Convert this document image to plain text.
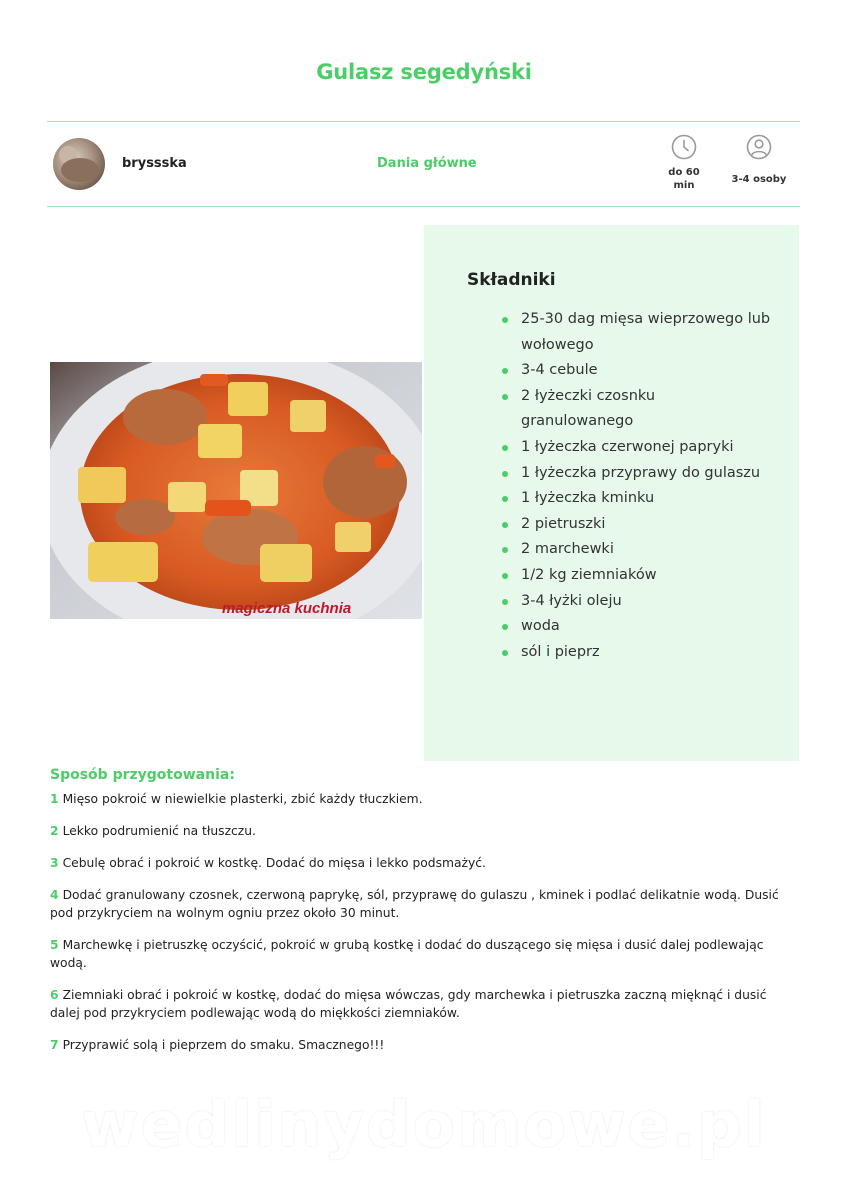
Gulasz segedyński
bryssska	Dania główne
do 60
min
3-4 osoby
magiczna kuchnia
Składniki
25-30 dag mięsa wieprzowego lub wołowego
3-4 cebule
2 łyżeczki czosnku granulowanego
1 łyżeczka czerwonej papryki
1 łyżeczka przyprawy do gulaszu
1 łyżeczka kminku
2 pietruszki
2 marchewki
1/2 kg ziemniaków
3-4 łyżki oleju
woda
sól i pieprz
Sposób przygotowania:
1 Mięso pokroić w niewielkie plasterki, zbić każdy tłuczkiem.
2 Lekko podrumienić na tłuszczu.
3 Cebulę obrać i pokroić w kostkę. Dodać do mięsa i lekko podsmażyć.
4 Dodać granulowany czosnek, czerwoną paprykę, sól, przyprawę do gulaszu , kminek i podlać delikatnie wodą. Dusić pod przykryciem na wolnym ogniu przez około 30 minut.
5 Marchewkę i pietruszkę oczyścić, pokroić w grubą kostkę i dodać do duszącego się mięsa i dusić dalej podlewając wodą.
6 Ziemniaki obrać i pokroić w kostkę, dodać do mięsa wówczas, gdy marchewka i pietruszka zaczną mięknąć i dusić dalej pod przykryciem podlewając wodą do miękkości ziemniaków.
7 Przyprawić solą i pieprzem do smaku. Smacznego!!!
wedlinydomowe.pl
